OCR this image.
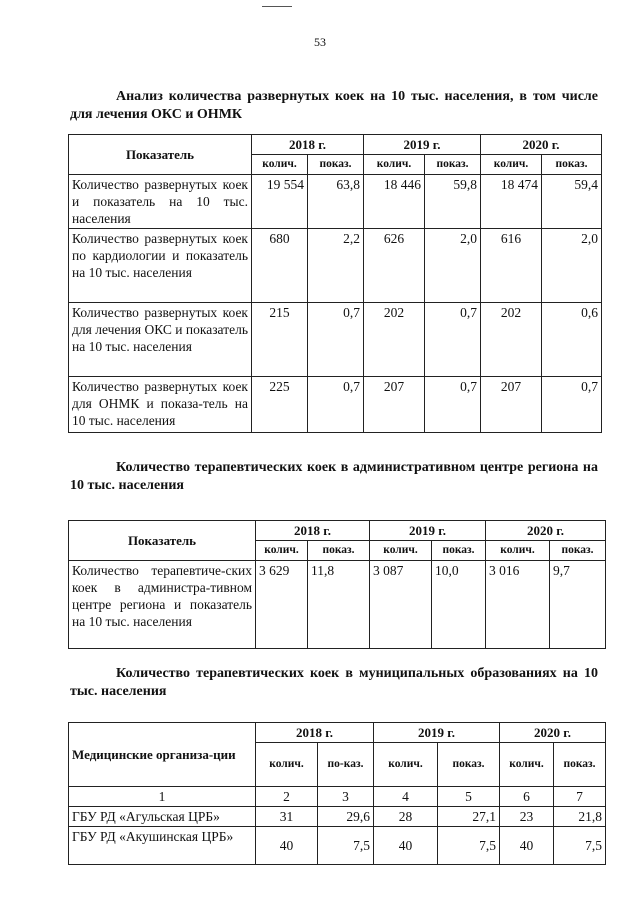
53
Анализ количества развернутых коек на 10 тыс. населения, в том числе для лечения ОКС и ОНМК
Показатель	2018 г.		2019 г.		2020 г.	
	колич.	показ.	колич.	показ.	колич.	показ.
Количество развернутых коек и показатель на 10 тыс. населения	19 554	63,8	18 446	59,8	18 474	59,4
Количество развернутых коек по кардиологии и показатель на 10 тыс. населения	680	2,2	626	2,0	616	2,0
Количество развернутых коек для лечения ОКС и показатель на 10 тыс. населения	215	0,7	202	0,7	202	0,6
Количество развернутых коек для ОНМК и показа-тель на 10 тыс. населения	225	0,7	207	0,7	207	0,7
Количество терапевтических коек в административном центре региона на 10 тыс. населения
Показатель	2018 г.		2019 г.		2020 г.	
	колич.	показ.	колич.	показ.	колич.	показ.
Количество терапевтиче-ских коек в администра-тивном центре региона и показатель на 10 тыс. населения	3 629	11,8	3 087	10,0	3 016	9,7
Количество терапевтических коек в муниципальных образованиях на 10 тыс. населения
Медицинские организа-ции	2018 г.		2019 г.		2020 г.	
	колич.	по-каз.	колич.	показ.	колич.	показ.
1	2	3	4	5	6	7
ГБУ РД «Агульская ЦРБ»	31	29,6	28	27,1	23	21,8
ГБУ РД «Акушинская ЦРБ»	40	7,5	40	7,5	40	7,5
